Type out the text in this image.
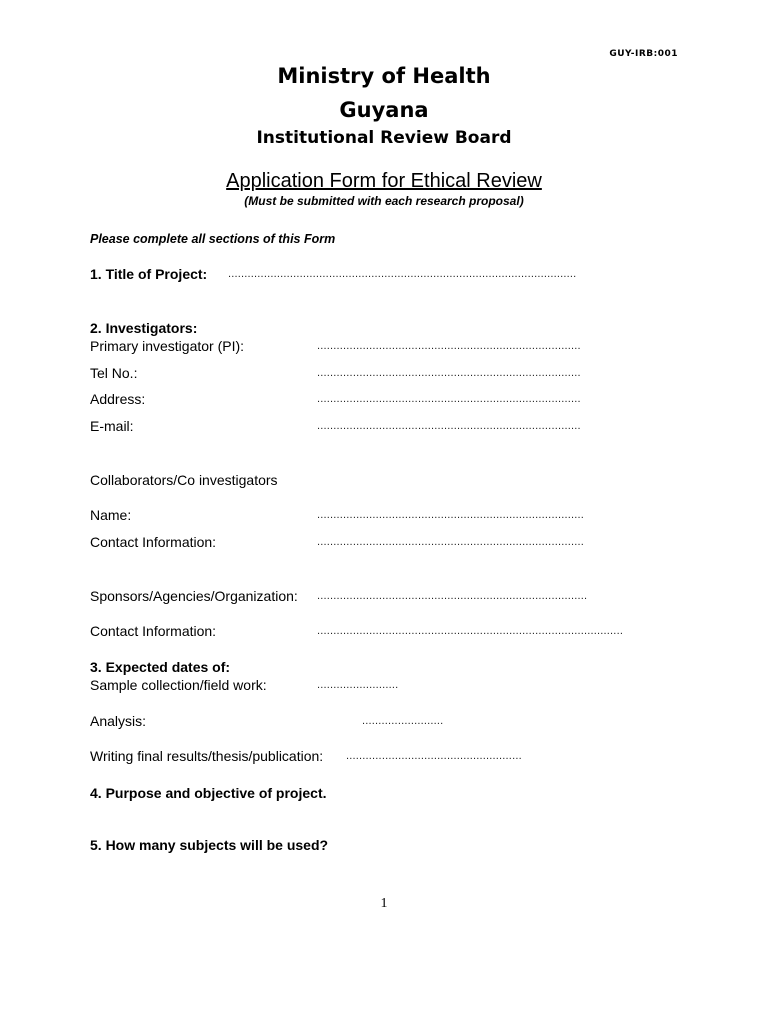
GUY-IRB:001
Ministry of Health
Guyana
Institutional Review Board
Application Form for Ethical Review
(Must be submitted with each research proposal)
Please complete all sections of this Form
1. Title of Project: ...........................................................................................................
2. Investigators:
Primary investigator (PI):	.................................................................................
Tel No.:	.................................................................................
Address:	.................................................................................
E-mail:	.................................................................................
Collaborators/Co investigators
Name:	..................................................................................
Contact Information:	..................................................................................
Sponsors/Agencies/Organization: ...................................................................................
Contact Information:	..............................................................................................
3. Expected dates of:
Sample collection/field work:	.........................
Analysis:	.........................
Writing final results/thesis/publication: ......................................................
4. Purpose and objective of project.
5. How many subjects will be used?
1
